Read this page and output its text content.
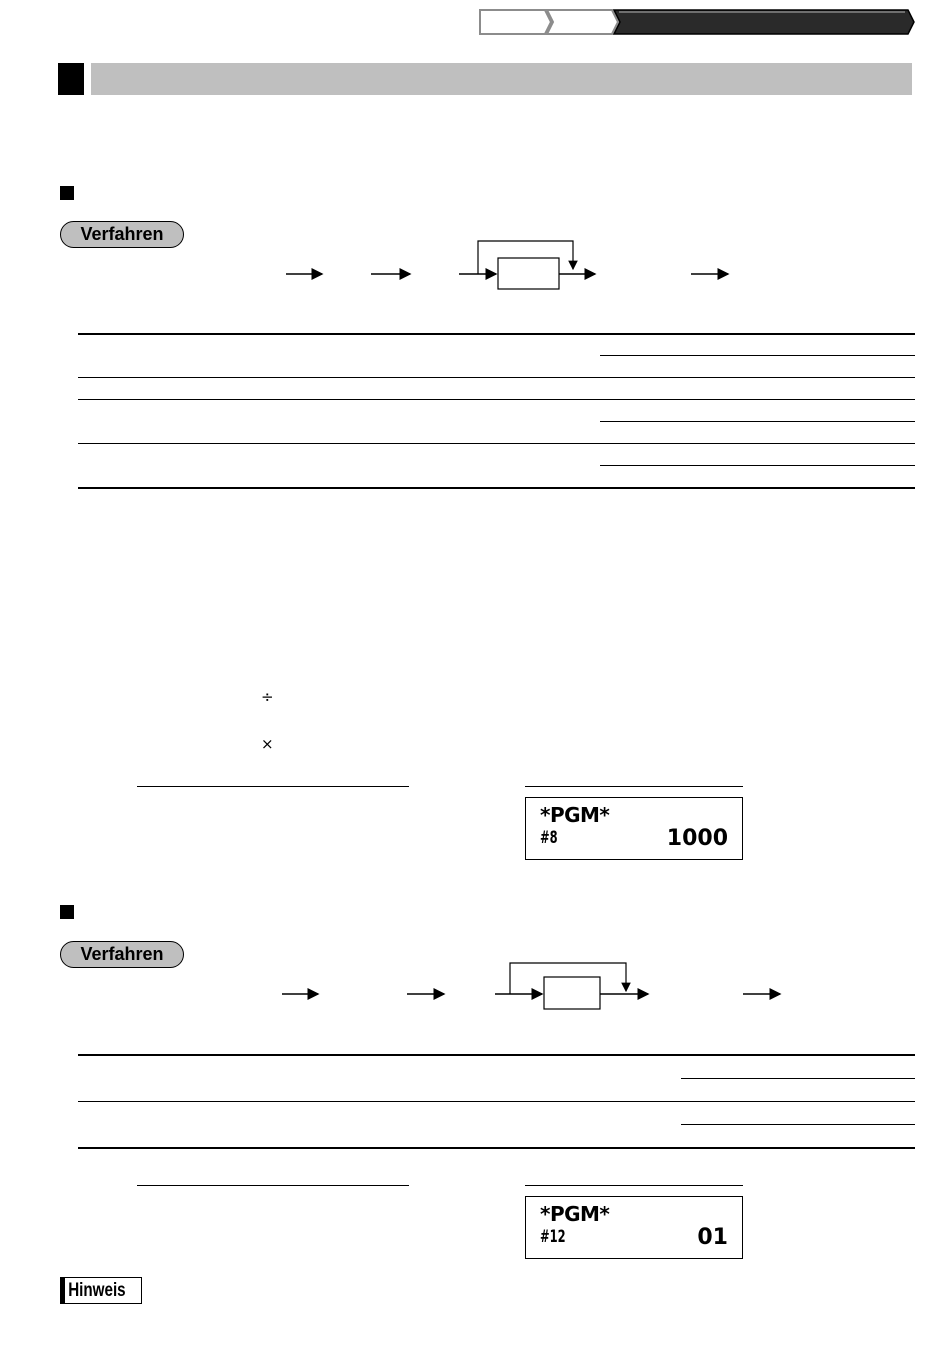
Verfahren
÷
×
*PGM*
#8	1000
Verfahren
*PGM*
#12	01
Hinweis
